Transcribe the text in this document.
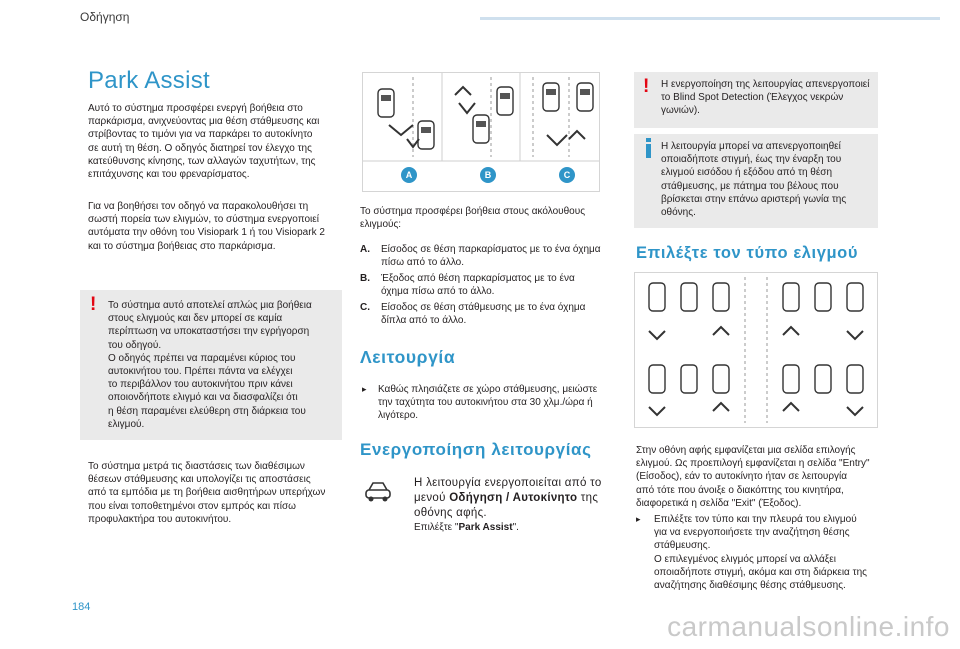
Οδήγηση
Park Assist
Αυτό το σύστημα προσφέρει ενεργή βοήθεια στο
παρκάρισμα, ανιχνεύοντας μια θέση στάθμευσης και
στρίβοντας το τιμόνι για να παρκάρει το αυτοκίνητο
σε αυτή τη θέση. Ο οδηγός διατηρεί τον έλεγχο της
κατεύθυνσης κίνησης, των αλλαγών ταχυτήτων, της
επιτάχυνσης και του φρεναρίσματος.
Για να βοηθήσει τον οδηγό να παρακολουθήσει τη
σωστή πορεία των ελιγμών, το σύστημα ενεργοποιεί
αυτόματα την οθόνη του Visiopark 1 ή του Visiopark 2
και το σύστημα βοήθειας στο παρκάρισμα.
! Το σύστημα αυτό αποτελεί απλώς μια βοήθεια
στους ελιγμούς και δεν μπορεί σε καμία
περίπτωση να υποκαταστήσει την εγρήγορση
του οδηγού.
Ο οδηγός πρέπει να παραμένει κύριος του
αυτοκινήτου του. Πρέπει πάντα να ελέγχει
το περιβάλλον του αυτοκινήτου πριν κάνει
οποιονδήποτε ελιγμό και να διασφαλίζει ότι
η θέση παραμένει ελεύθερη στη διάρκεια του
ελιγμού.
Το σύστημα μετρά τις διαστάσεις των διαθέσιμων
θέσεων στάθμευσης και υπολογίζει τις αποστάσεις
από τα εμπόδια με τη βοήθεια αισθητήρων υπερήχων
που είναι τοποθετημένοι στον εμπρός και πίσω
προφυλακτήρα του αυτοκινήτου.
A	B	C
Το σύστημα προσφέρει βοήθεια στους ακόλουθους
ελιγμούς:
A. Είσοδος σε θέση παρκαρίσματος με το ένα όχημα
πίσω από το άλλο.
B. Έξοδος από θέση παρκαρίσματος με το ένα
όχημα πίσω από το άλλο.
C. Είσοδος σε θέση στάθμευσης με το ένα όχημα
δίπλα από το άλλο.
Λειτουργία
▸ Καθώς πλησιάζετε σε χώρο στάθμευσης, μειώστε
την ταχύτητα του αυτοκινήτου στα 30 χλμ./ώρα ή
λιγότερο.
Ενεργοποίηση λειτουργίας
Η λειτουργία ενεργοποιείται από το
μενού Οδήγηση / Αυτοκίνητο της
οθόνης αφής.
Επιλέξτε "Park Assist".
! Η ενεργοποίηση της λειτουργίας απενεργοποιεί
το Blind Spot Detection (Έλεγχος νεκρών
γωνιών).
Η λειτουργία μπορεί να απενεργοποιηθεί
οποιαδήποτε στιγμή, έως την έναρξη του
ελιγμού εισόδου ή εξόδου από τη θέση
στάθμευσης, με πάτημα του βέλους που
βρίσκεται στην επάνω αριστερή γωνία της
οθόνης.
Επιλέξτε τον τύπο ελιγμού
Στην οθόνη αφής εμφανίζεται μια σελίδα επιλογής
ελιγμού. Ως προεπιλογή εμφανίζεται η σελίδα "Entry"
(Είσοδος), εάν το αυτοκίνητο ήταν σε λειτουργία
από τότε που άνοιξε ο διακόπτης του κινητήρα,
διαφορετικά η σελίδα "Exit" (Έξοδος).
▸ Επιλέξτε τον τύπο και την πλευρά του ελιγμού
για να ενεργοποιήσετε την αναζήτηση θέσης
στάθμευσης.
Ο επιλεγμένος ελιγμός μπορεί να αλλάξει
οποιαδήποτε στιγμή, ακόμα και στη διάρκεια της
αναζήτησης διαθέσιμης θέσης στάθμευσης.
184
carmanualsonline.info
